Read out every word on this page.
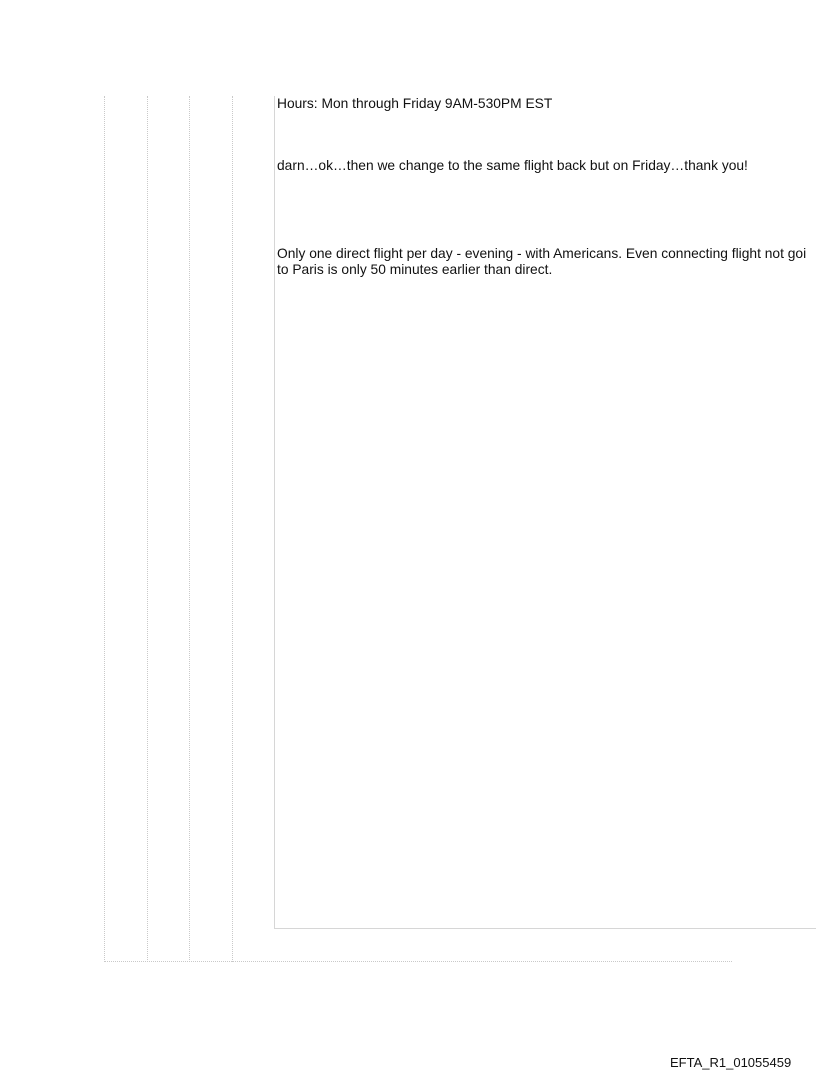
Hours: Mon through Friday 9AM-530PM EST
darn…ok…then we change to the same flight back but on Friday…thank you!
Only one direct flight per day - evening - with Americans. Even connecting flight not goi
to Paris is only 50 minutes earlier than direct.
EFTA_R1_01055459
